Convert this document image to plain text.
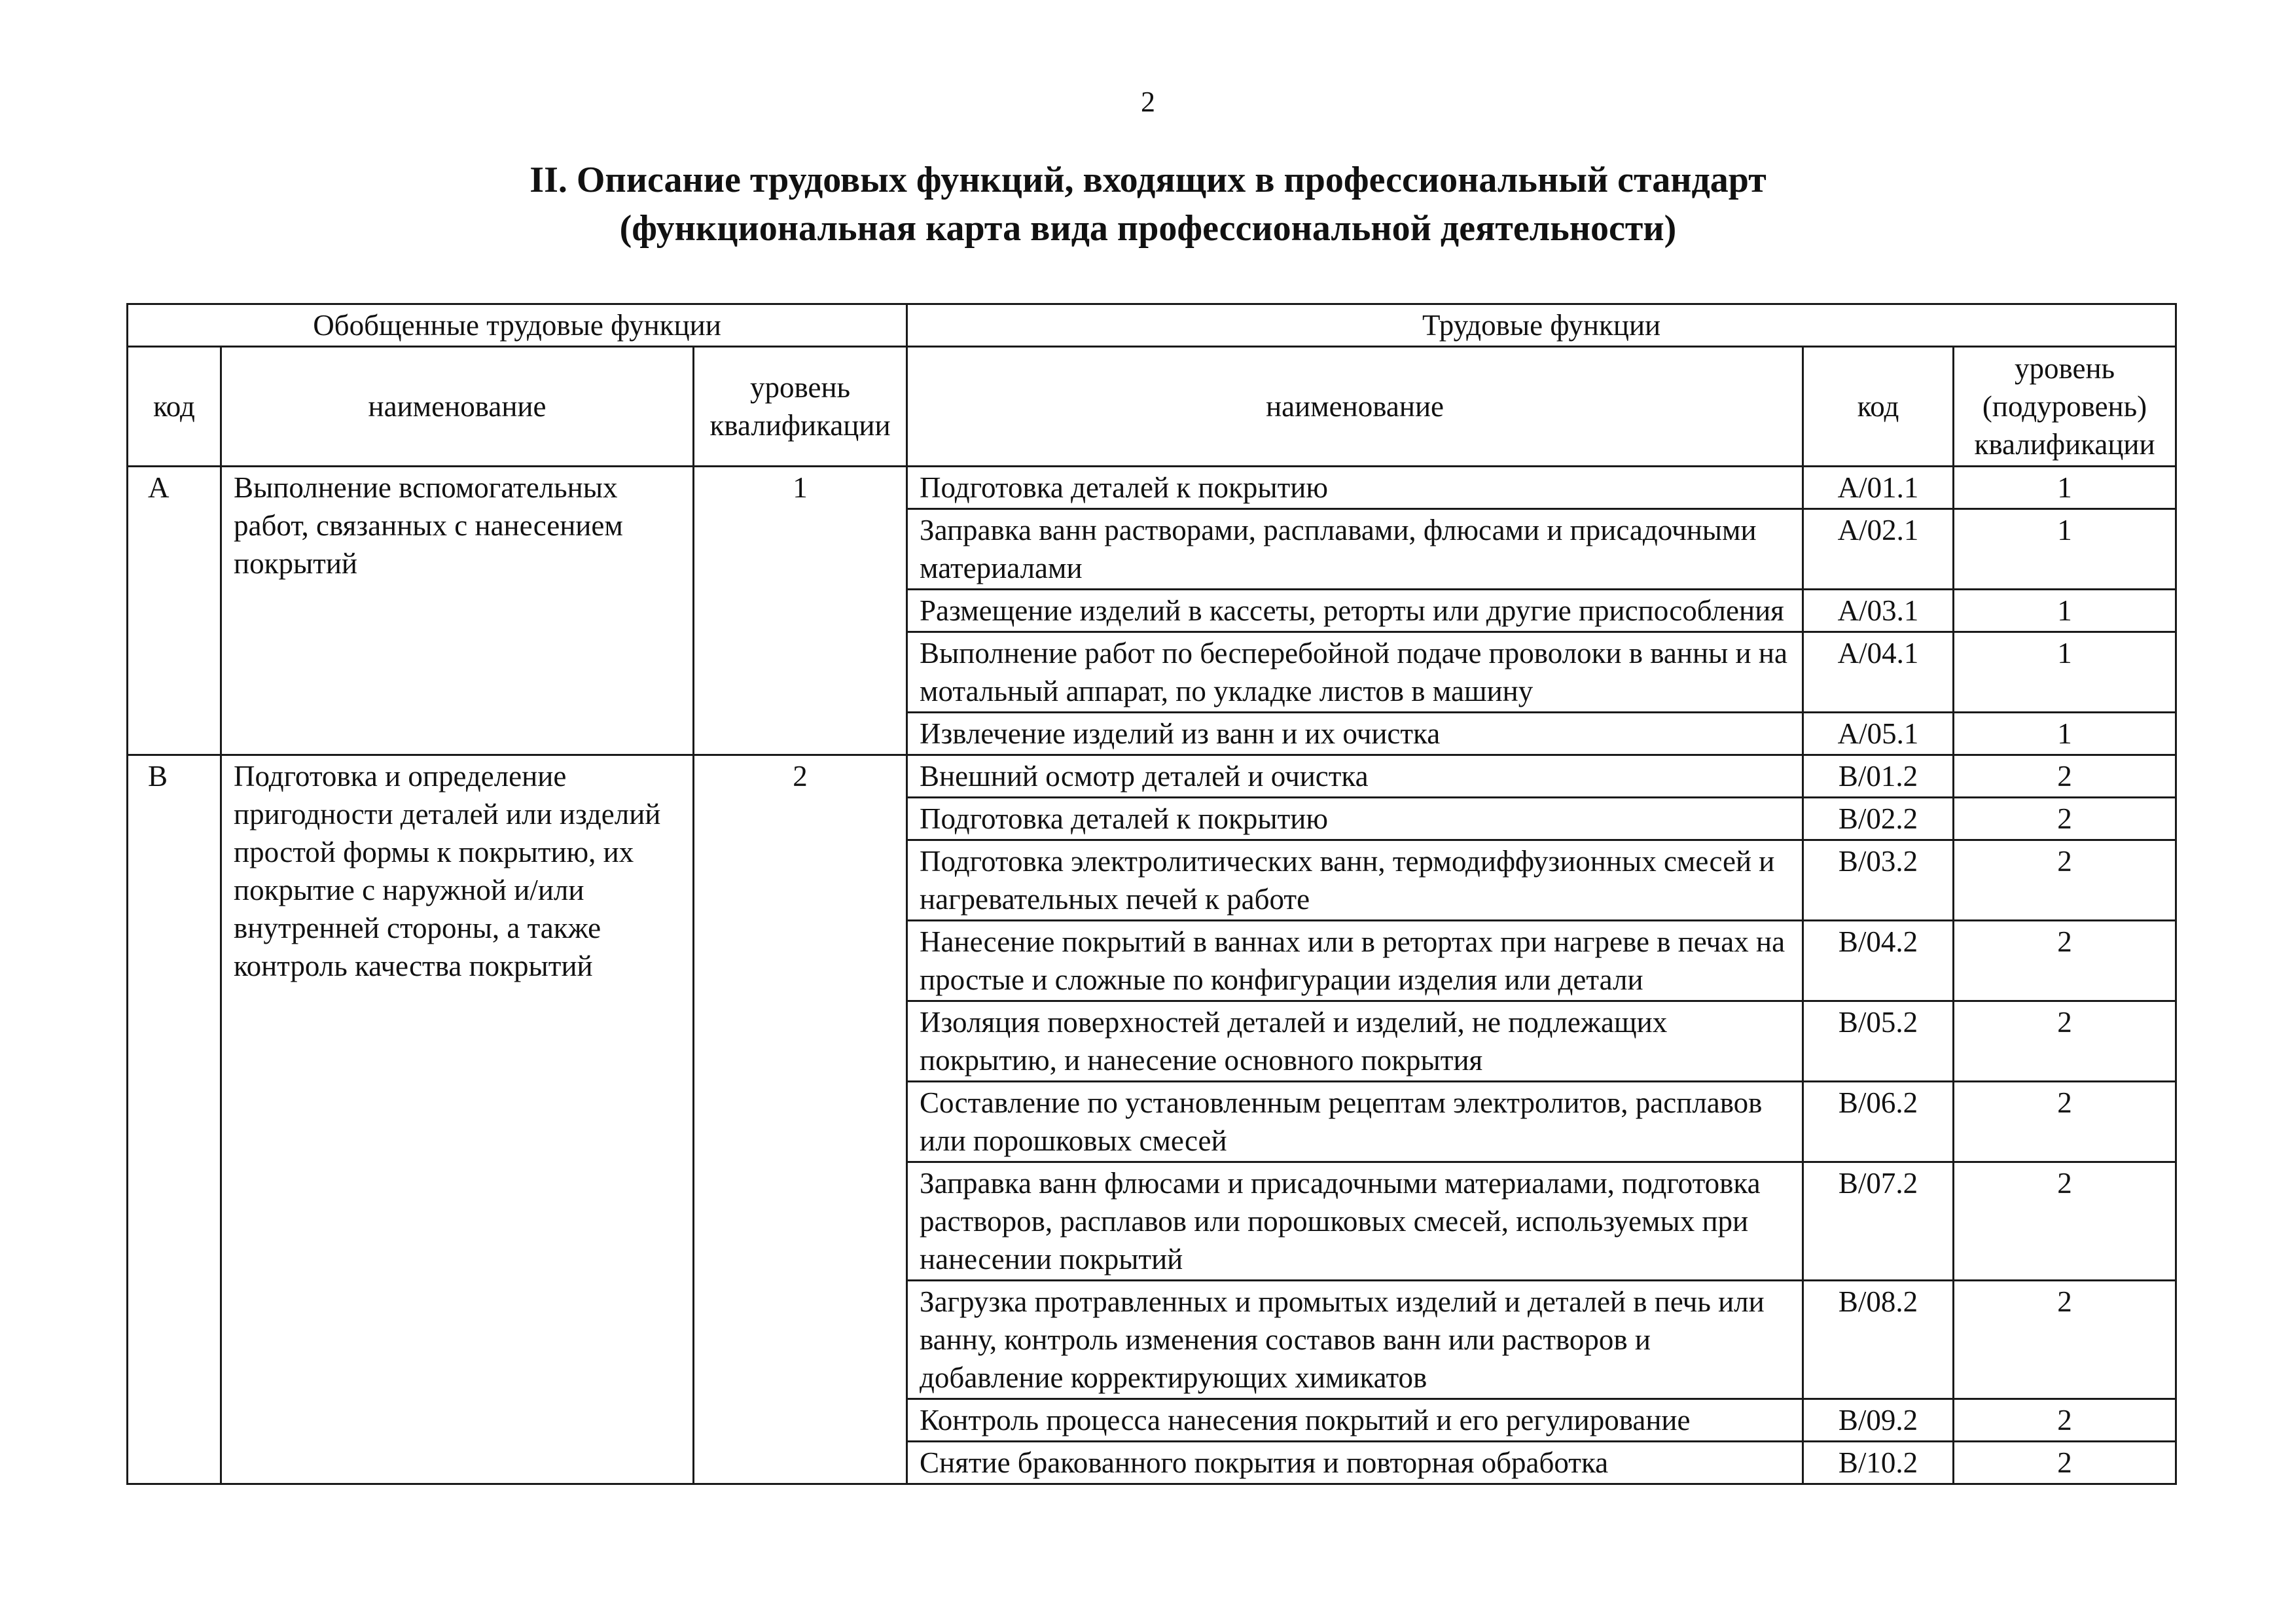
2
II. Описание трудовых функций, входящих в профессиональный стандарт
(функциональная карта вида профессиональной деятельности)
Обобщенные трудовые функции			Трудовые функции		
код	наименование	уровень квалификации	наименование	код	уровень (подуровень) квалификации
А	Выполнение вспомогательных работ, связанных с нанесением покрытий	1	Подготовка деталей к покрытию	А/01.1	1
			Заправка ванн растворами, расплавами, флюсами и присадочными материалами	А/02.1	1
			Размещение изделий в кассеты, реторты или другие приспособления	А/03.1	1
			Выполнение работ по бесперебойной подаче проволоки в ванны и на мотальный аппарат, по укладке листов в машину	А/04.1	1
			Извлечение изделий из ванн и их очистка	А/05.1	1
В	Подготовка и определение пригодности деталей или изделий простой формы к покрытию, их покрытие с наружной и/или внутренней стороны, а также контроль качества покрытий	2	Внешний осмотр деталей и очистка	В/01.2	2
			Подготовка деталей к покрытию	В/02.2	2
			Подготовка электролитических ванн, термодиффузионных смесей и нагревательных печей к работе	В/03.2	2
			Нанесение покрытий в ваннах или в ретортах при нагреве в печах на простые и сложные по конфигурации изделия или детали	В/04.2	2
			Изоляция поверхностей деталей и изделий, не подлежащих покрытию, и нанесение основного покрытия	В/05.2	2
			Составление по установленным рецептам электролитов, расплавов или порошковых смесей	В/06.2	2
			Заправка ванн флюсами и присадочными материалами, подготовка растворов, расплавов или порошковых смесей, используемых при нанесении покрытий	В/07.2	2
			Загрузка протравленных и промытых изделий и деталей в печь или ванну, контроль изменения составов ванн или растворов и добавление корректирующих химикатов	В/08.2	2
			Контроль процесса нанесения покрытий и его регулирование	В/09.2	2
			Снятие бракованного покрытия и повторная обработка	В/10.2	2
